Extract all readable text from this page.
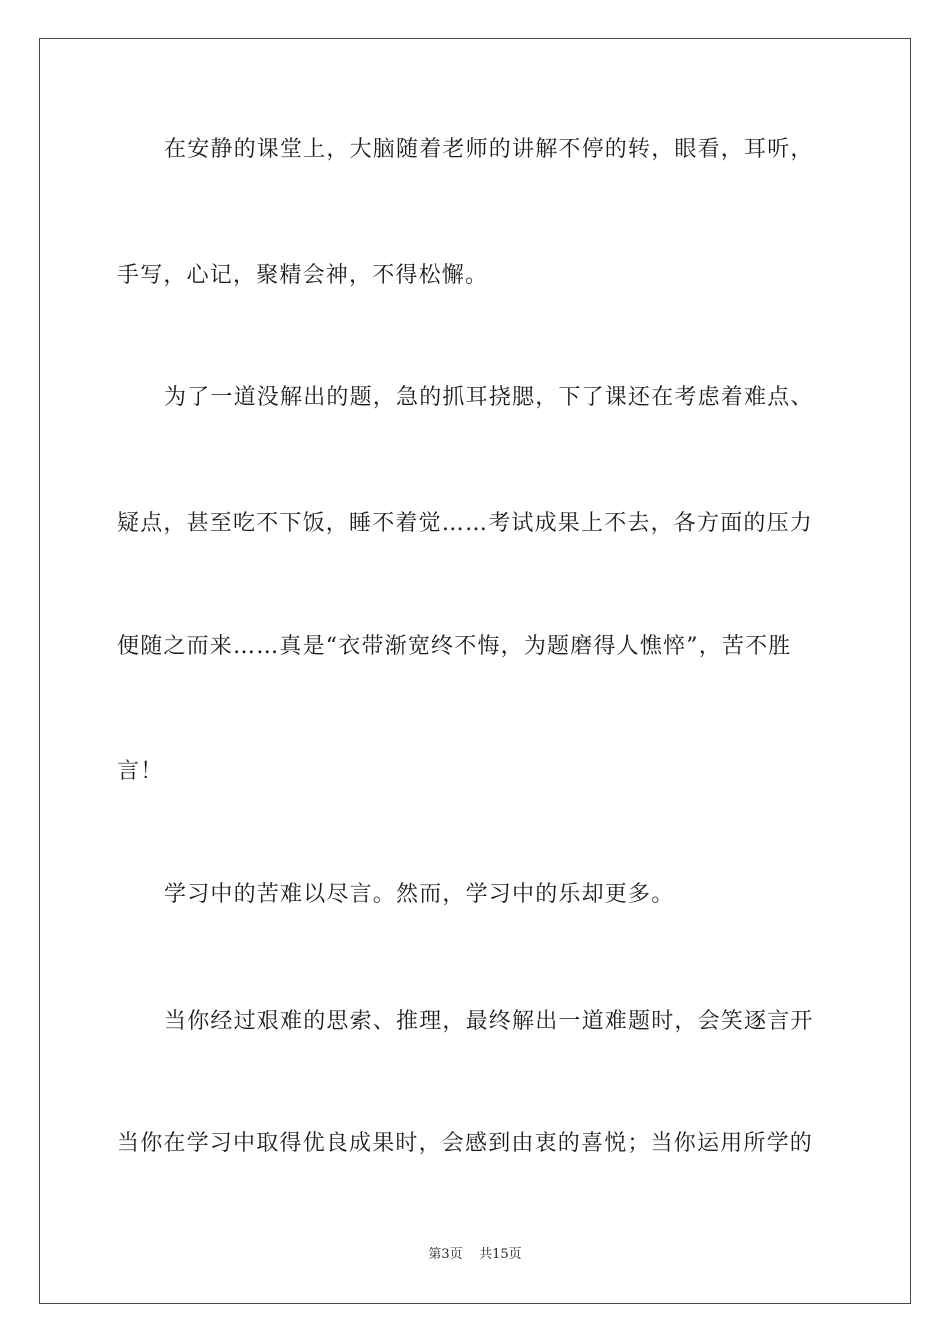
在安静的课堂上，大脑随着老师的讲解不停的转，眼看，耳听，
手写，心记，聚精会神，不得松懈。
为了一道没解出的题，急的抓耳挠腮，下了课还在考虑着难点、
疑点，甚至吃不下饭，睡不着觉……考试成果上不去，各方面的压力
便随之而来……真是“衣带渐宽终不悔，为题磨得人憔悴”，苦不胜
言！
学习中的苦难以尽言。然而，学习中的乐却更多。
当你经过艰难的思索、推理，最终解出一道难题时，会笑逐言开
当你在学习中取得优良成果时，会感到由衷的喜悦；当你运用所学的
第3页    共15页
